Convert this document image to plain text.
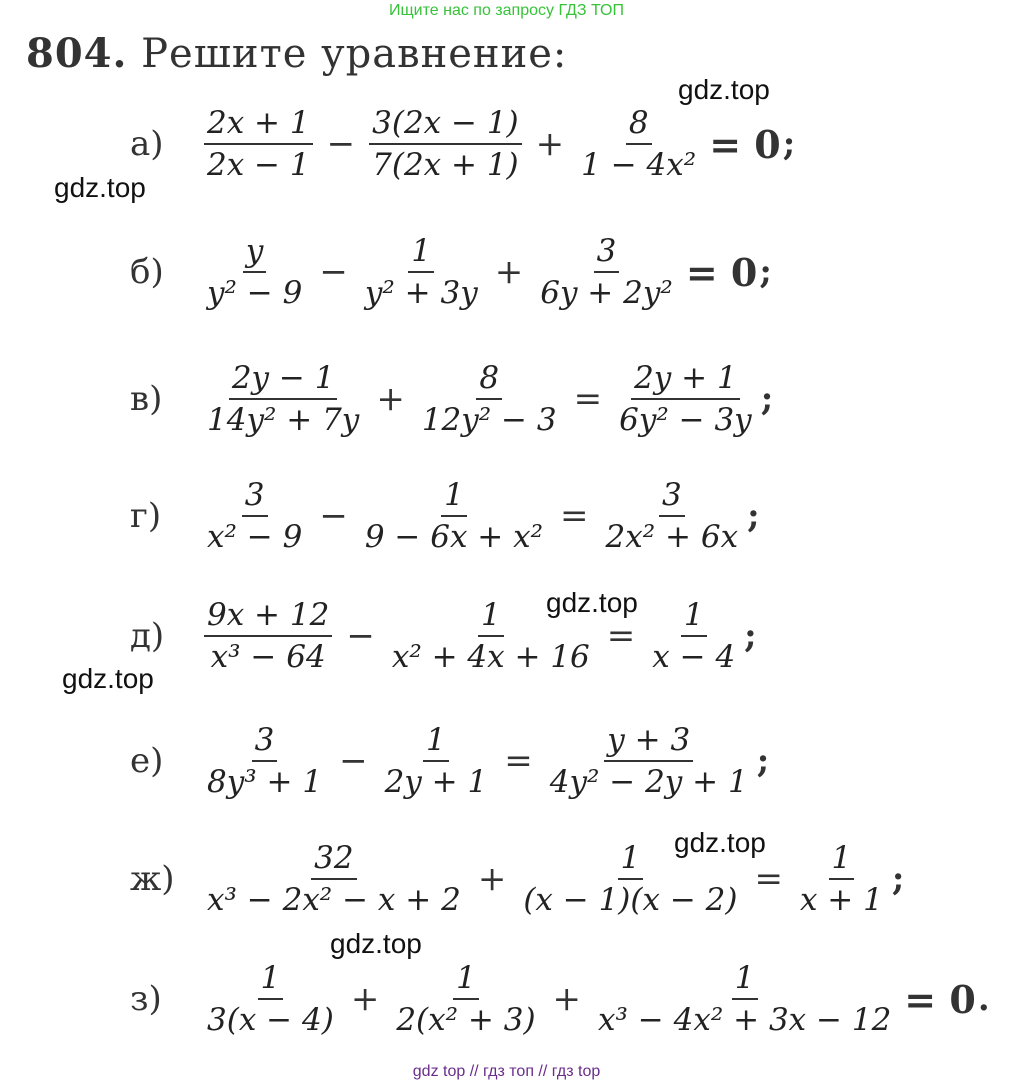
Ищите нас по запросу ГДЗ ТОП
804. Решите уравнение:
а)	$\frac{2x + 1}{2x - 1} - \frac{3(2x - 1)}{7(2x + 1)} + \frac{8}{\text{1 − 4x²}} = 0$ ;
б)	$\frac{y}{\text{y² − 9}} - \frac{1}{\text{y² + 3y}} + \frac{3}{\text{6y + 2y²}} = 0$ ;
в)	$\frac{2y - 1}{\text{14y² + 7y}} + \frac{8}{\text{12y² − 3}} = \frac{2y + 1}{\text{6y² − 3y}}$ ;
г)	$\frac{3}{\text{x² − 9}} - \frac{1}{\text{9 − 6x + x²}} = \frac{3}{\text{2x² + 6x}}$ ;
д)	$\frac{9x + 12}{\text{x³ − 64}} - \frac{1}{\text{x² + 4x + 16}} = \frac{1}{x - 4}$ ;
е)	$\frac{3}{\text{8y³ + 1}} - \frac{1}{2y + 1} = \frac{y + 3}{\text{4y² − 2y + 1}}$ ;
$ж) \frac{32}{\text{x³ − 2x² − x + 2}} + \frac{1}{(x - 1)(x - 2)} = \frac{1}{x + 1}$ ;
з)	$\frac{1}{3(x - 4)} + \frac{1}{\text{2(x² + 3)}} + \frac{1}{\text{x³ − 4x² + 3x − 12}} = 0$ .
gdz.top
gdz.top
gdz.top
gdz.top
gdz.top
gdz.top
gdz top // гдз топ // гдз top
